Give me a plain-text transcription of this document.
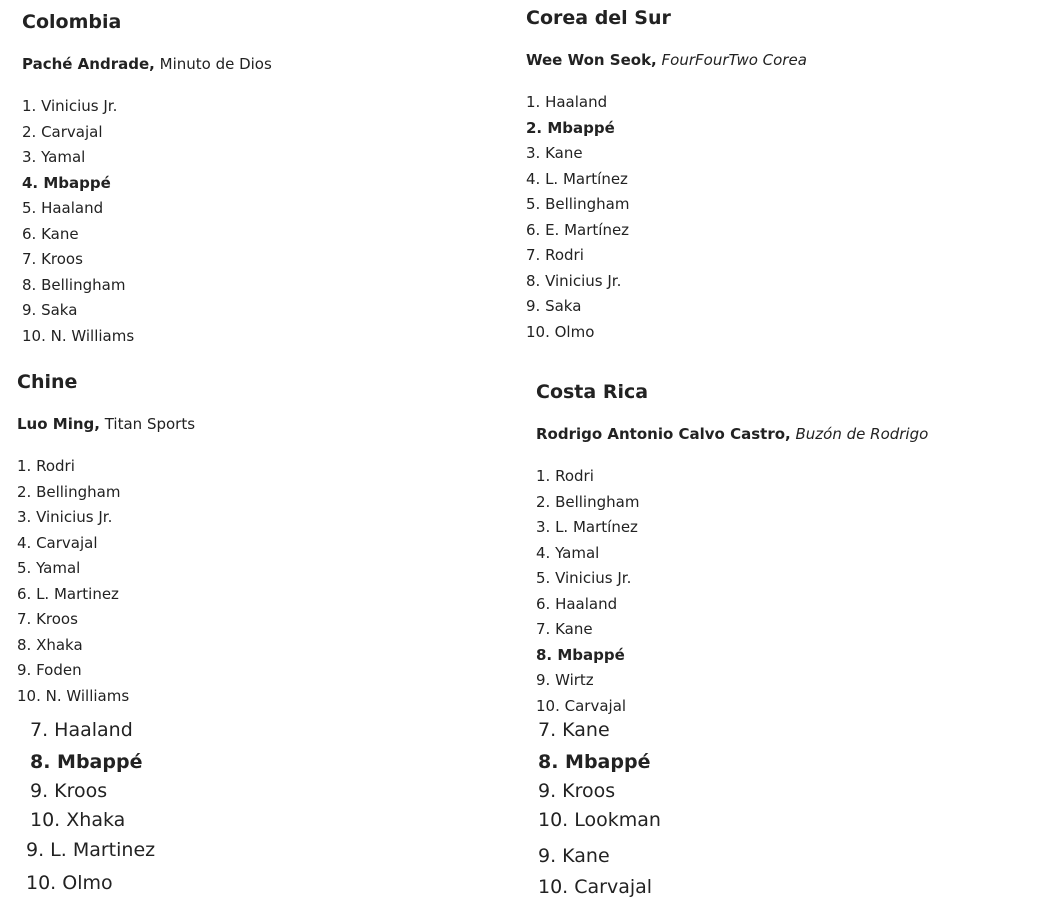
Colombia
Paché Andrade, Minuto de Dios
1. Vinicius Jr.
2. Carvajal
3. Yamal
4. Mbappé
5. Haaland
6. Kane
7. Kroos
8. Bellingham
9. Saka
10. N. Williams
Corea del Sur
Wee Won Seok, FourFourTwo Corea
1. Haaland
2. Mbappé
3. Kane
4. L. Martínez
5. Bellingham
6. E. Martínez
7. Rodri
8. Vinicius Jr.
9. Saka
10. Olmo
Chine
Luo Ming, Titan Sports
1. Rodri
2. Bellingham
3. Vinicius Jr.
4. Carvajal
5. Yamal
6. L. Martinez
7. Kroos
8. Xhaka
9. Foden
10. N. Williams
Costa Rica
Rodrigo Antonio Calvo Castro, Buzón de Rodrigo
1. Rodri
2. Bellingham
3. L. Martínez
4. Yamal
5. Vinicius Jr.
6. Haaland
7. Kane
8. Mbappé
9. Wirtz
10. Carvajal
7. Haaland
8. Mbappé
9. Kroos
10. Xhaka
9. L. Martinez
10. Olmo
7. Kane
8. Mbappé
9. Kroos
10. Lookman
9. Kane
10. Carvajal
